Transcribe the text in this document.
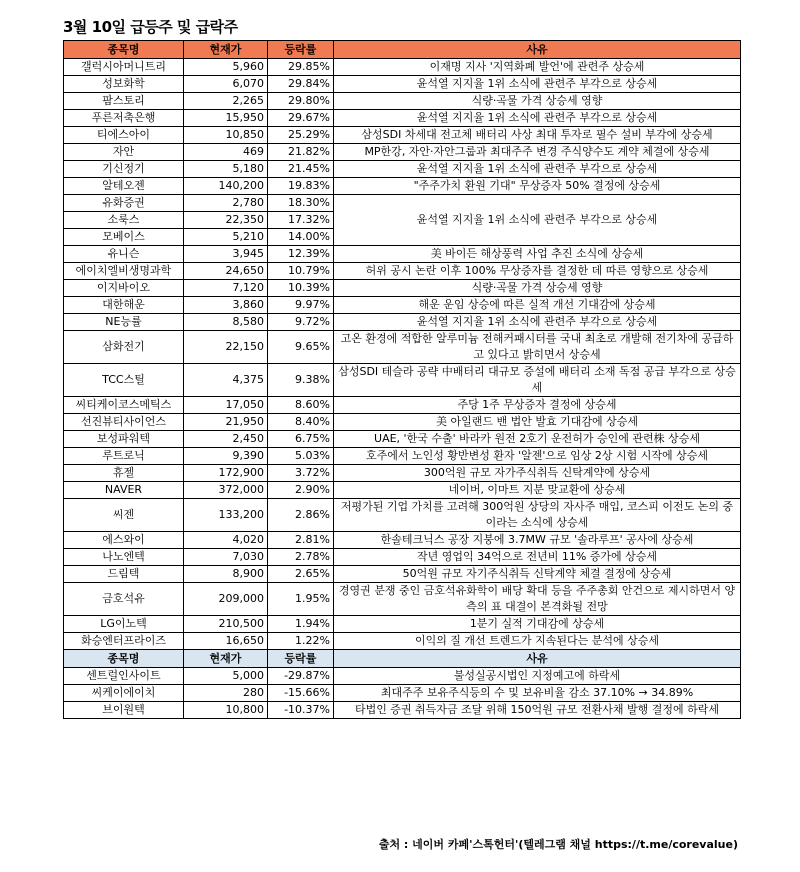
3월 10일 급등주 및 급락주
종목명	현재가	등락률	사유
갤럭시아머니트리	5,960	29.85%	이재명 지사 '지역화폐 발언'에 관련주 상승세
성보화학	6,070	29.84%	윤석열 지지율 1위 소식에 관련주 부각으로 상승세
팜스토리	2,265	29.80%	식량·곡물 가격 상승세 영향
푸른저축은행	15,950	29.67%	윤석열 지지율 1위 소식에 관련주 부각으로 상승세
티에스아이	10,850	25.29%	삼성SDI 차세대 전고체 배터리 사상 최대 투자로 필수 설비 부각에 상승세
자안	469	21.82%	MP한강, 자안·자안그룹과 최대주주 변경 주식양수도 계약 체결에 상승세
기신정기	5,180	21.45%	윤석열 지지율 1위 소식에 관련주 부각으로 상승세
알테오젠	140,200	19.83%	"주주가치 환원 기대" 무상증자 50% 결정에 상승세
유화증권	2,780	18.30%	윤석열 지지율 1위 소식에 관련주 부각으로 상승세
소룩스	22,350	17.32%	
모베이스	5,210	14.00%	
유니슨	3,945	12.39%	美 바이든 해상풍력 사업 추진 소식에 상승세
에이치엘비생명과학	24,650	10.79%	허위 공시 논란 이후 100% 무상증자를 결정한 데 따른 영향으로 상승세
이지바이오	7,120	10.39%	식량·곡물 가격 상승세 영향
대한해운	3,860	9.97%	해운 운임 상승에 따른 실적 개선 기대감에 상승세
NE능률	8,580	9.72%	윤석열 지지율 1위 소식에 관련주 부각으로 상승세
삼화전기	22,150	9.65%	고온 환경에 적합한 알루미늄 전해커패시터를 국내 최초로 개발해 전기차에 공급하고 있다고 밝히면서 상승세
TCC스틸	4,375	9.38%	삼성SDI 테슬라 공략 中배터리 대규모 증설에 배터리 소재 독점 공급 부각으로 상승세
씨티케이코스메틱스	17,050	8.60%	주당 1주 무상증자 결정에 상승세
선진뷰티사이언스	21,950	8.40%	美 아일랜드 밴 법안 발효 기대감에 상승세
보성파워텍	2,450	6.75%	UAE, '한국 수출' 바라카 원전 2호기 운전허가 승인에 관련株 상승세
루트로닉	9,390	5.03%	호주에서 노인성 황반변성 환자 '알젠'으로 임상 2상 시험 시작에 상승세
휴젤	172,900	3.72%	300억원 규모 자가주식취득 신탁계약에 상승세
NAVER	372,000	2.90%	네이버, 이마트 지분 맞교환에 상승세
씨젠	133,200	2.86%	저평가된 기업 가치를 고려해 300억원 상당의 자사주 매입, 코스피 이전도 논의 중이라는 소식에 상승세
에스와이	4,020	2.81%	한솔테크닉스 공장 지붕에 3.7MW 규모 '솔라루프' 공사에 상승세
나노엔텍	7,030	2.78%	작년 영업익 34억으로 전년비 11% 증가에 상승세
드림텍	8,900	2.65%	50억원 규모 자기주식취득 신탁계약 체결 결정에 상승세
금호석유	209,000	1.95%	경영권 분쟁 중인 금호석유화학이 배당 확대 등을 주주총회 안건으로 제시하면서 양측의 표 대결이 본격화될 전망
LG이노텍	210,500	1.94%	1분기 실적 기대감에 상승세
화승엔터프라이즈	16,650	1.22%	이익의 질 개선 트렌드가 지속된다는 분석에 상승세
종목명	현재가	등락률	사유
센트럴인사이트	5,000	-29.87%	불성실공시법인 지정예고에 하락세
씨케이에이치	280	-15.66%	최대주주 보유주식등의 수 및 보유비율 감소 37.10% → 34.89%
브이원텍	10,800	-10.37%	타법인 증권 취득자금 조달 위해 150억원 규모 전환사채 발행 결정에 하락세
출처 : 네이버 카페'스톡헌터'(텔레그램 채널 https://t.me/corevalue)
